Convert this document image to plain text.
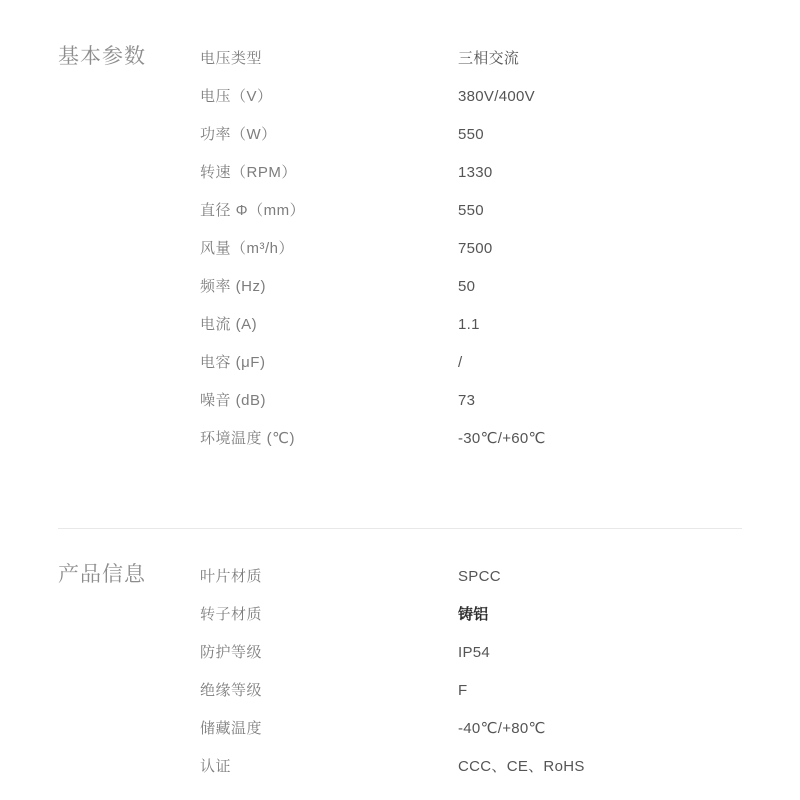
基本参数	电压类型	三相交流
电压（V）	380V/400V
功率（W）	550
转速（RPM）	1330
直径 Φ（mm）	550
风量（m³/h）	7500
频率 (Hz)	50
电流 (A)	1.1
电容 (μF)	/
噪音 (dB)	73
环境温度 (℃)	-30℃/+60℃
产品信息	叶片材质	SPCC
转子材质	铸铝
防护等级	IP54
绝缘等级	F
储藏温度	-40℃/+80℃
认证	CCC、CE、RoHS
